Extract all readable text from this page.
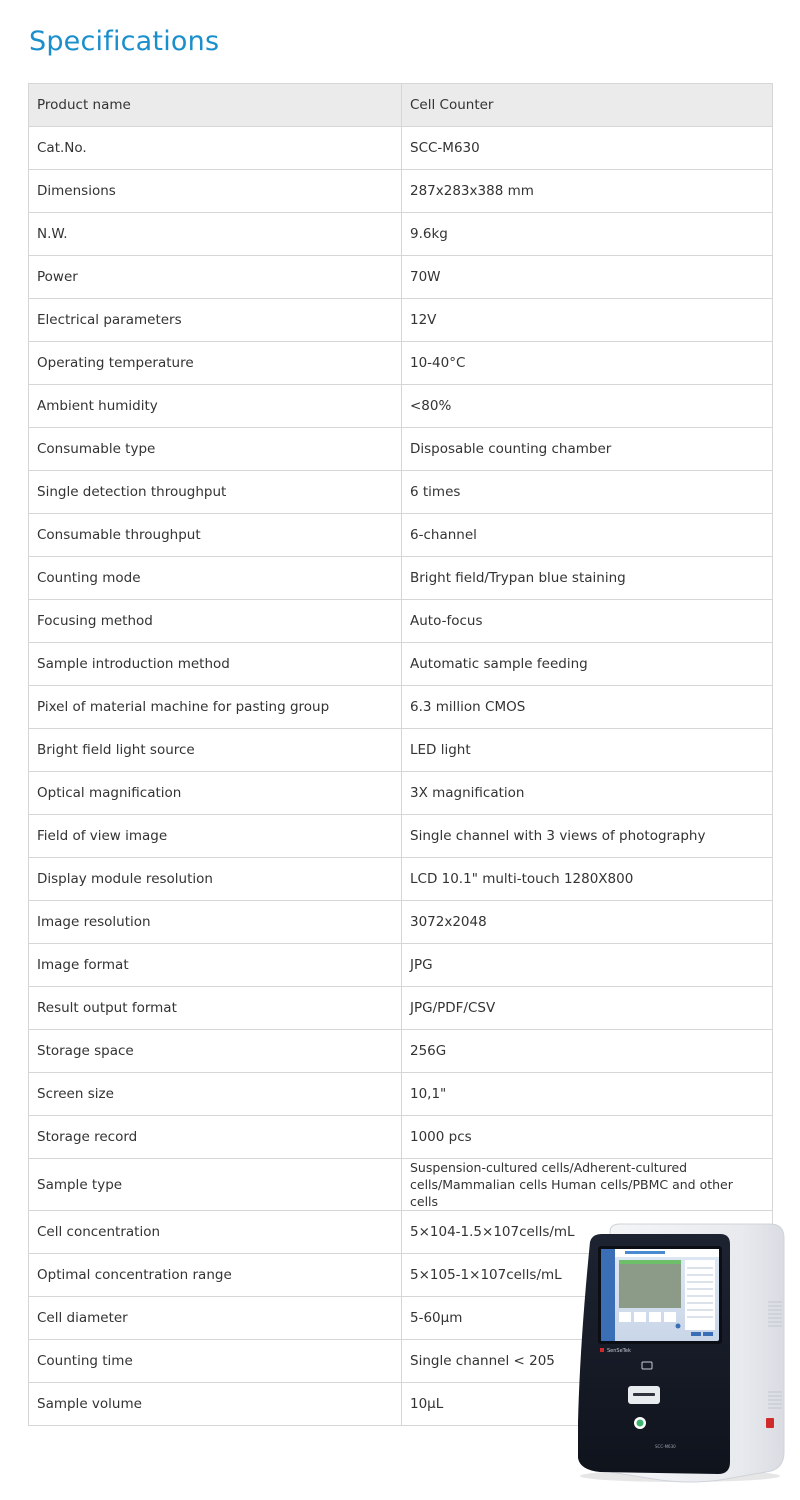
Specifications
Product name	Cell Counter
Cat.No.	SCC-M630
Dimensions	287x283x388 mm
N.W.	9.6kg
Power	70W
Electrical parameters	12V
Operating temperature	10-40°C
Ambient humidity	<80%
Consumable type	Disposable counting chamber
Single detection throughput	6 times
Consumable throughput	6-channel
Counting mode	Bright field/Trypan blue staining
Focusing method	Auto-focus
Sample introduction method	Automatic sample feeding
Pixel of material machine for pasting group	6.3 million CMOS
Bright field light source	LED light
Optical magnification	3X magnification
Field of view image	Single channel with 3 views of photography
Display module resolution	LCD 10.1" multi-touch 1280X800
Image resolution	3072x2048
Image format	JPG
Result output format	JPG/PDF/CSV
Storage space	256G
Screen size	10,1"
Storage record	1000 pcs
Sample type	Suspension-cultured cells/Adherent-cultured cells/Mammalian cells Human cells/PBMC and other cells
Cell concentration	5×104-1.5×107cells/mL
Optimal concentration range	5×105-1×107cells/mL
Cell diameter	5-60μm
Counting time	Single channel < 205
Sample volume	10μL
SenSeTek
SCC-M630
